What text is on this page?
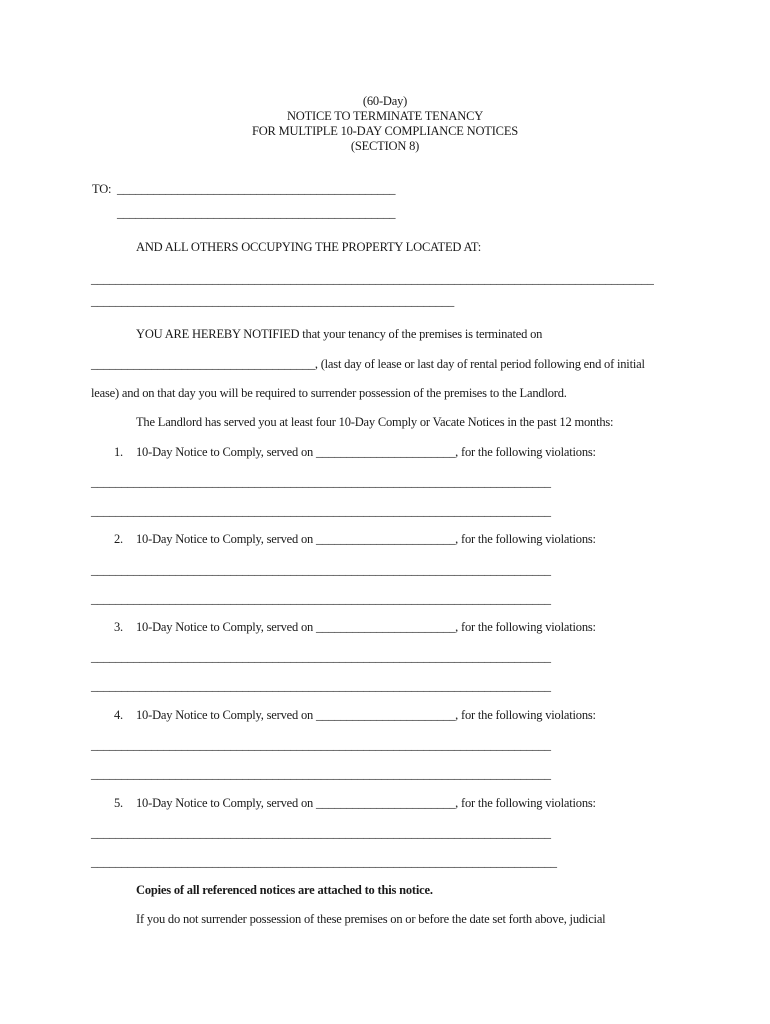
(60-Day)
NOTICE TO TERMINATE TENANCY
FOR MULTIPLE 10-DAY COMPLIANCE NOTICES
(SECTION 8)
TO: ______________________________________________
______________________________________________
AND ALL OTHERS OCCUPYING THE PROPERTY LOCATED AT:
_____________________________________________________________________________________________
____________________________________________________________
YOU ARE HEREBY NOTIFIED that your tenancy of the premises is terminated on
_____________________________________, (last day of lease or last day of rental period following end of initial
lease) and on that day you will be required to surrender possession of the premises to the Landlord.
The Landlord has served you at least four 10-Day Comply or Vacate Notices in the past 12 months:
1. 10-Day Notice to Comply, served on _______________________, for the following violations:
____________________________________________________________________________
____________________________________________________________________________
2. 10-Day Notice to Comply, served on _______________________, for the following violations:
____________________________________________________________________________
____________________________________________________________________________
3. 10-Day Notice to Comply, served on _______________________, for the following violations:
____________________________________________________________________________
____________________________________________________________________________
4. 10-Day Notice to Comply, served on _______________________, for the following violations:
____________________________________________________________________________
____________________________________________________________________________
5. 10-Day Notice to Comply, served on _______________________, for the following violations:
____________________________________________________________________________
_____________________________________________________________________________
Copies of all referenced notices are attached to this notice.
If you do not surrender possession of these premises on or before the date set forth above, judicial
